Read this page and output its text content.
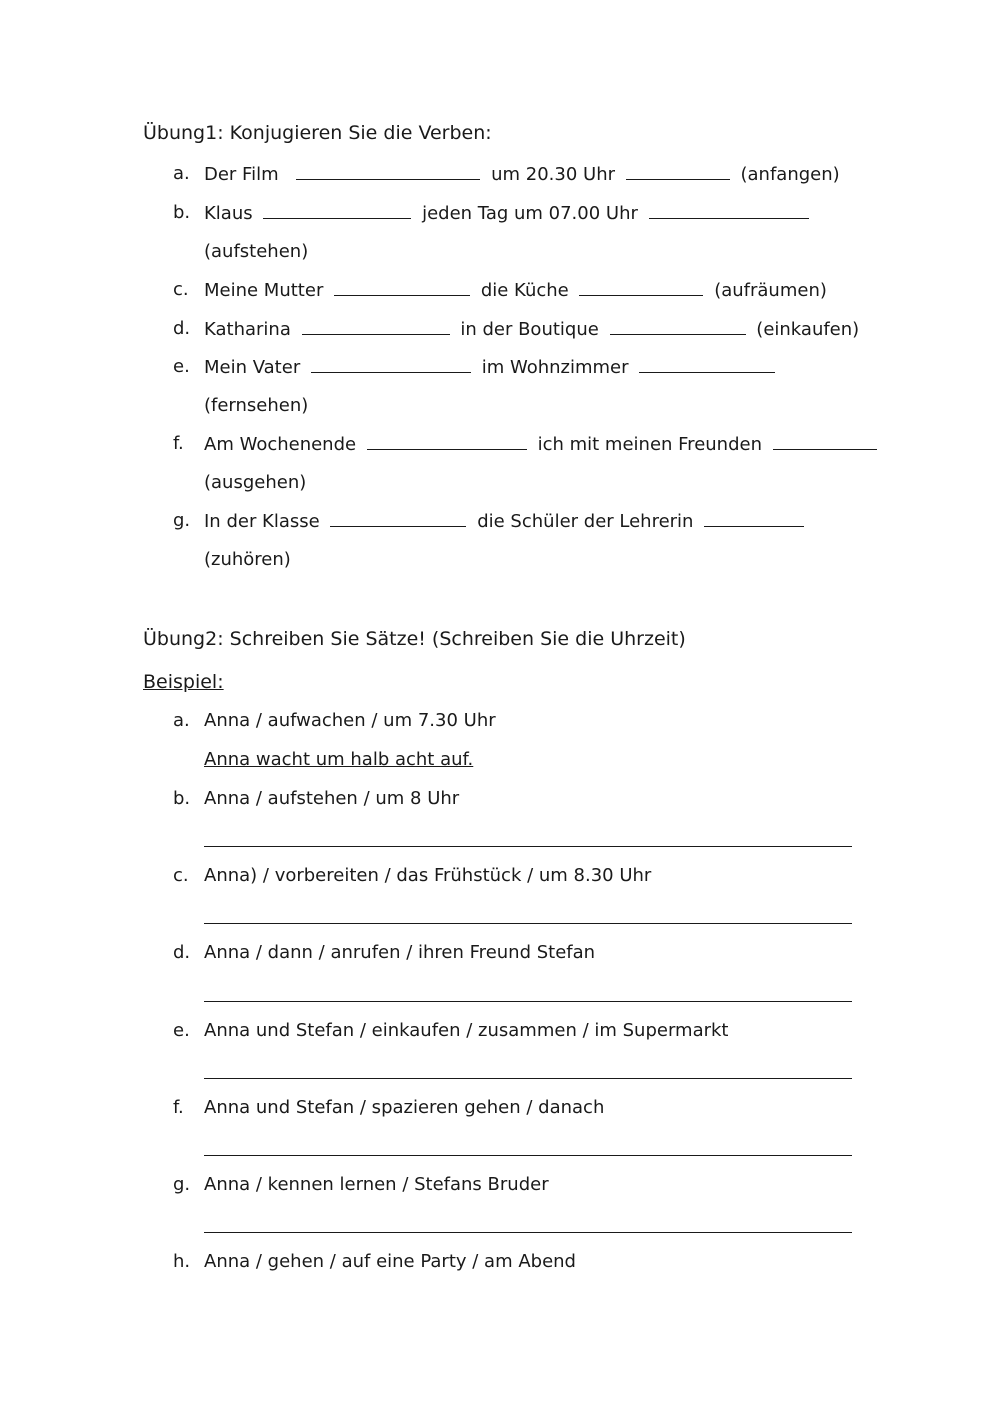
Übung1: Konjugieren Sie die Verben:
a. Der Film	um 20.30 Uhr	(anfangen)
b. Klaus	jeden Tag um 07.00 Uhr
(aufstehen)
c. Meine Mutter	die Küche	(aufräumen)
d. Katharina	in der Boutique	(einkaufen)
e. Mein Vater	im Wohnzimmer
(fernsehen)
f.	Am Wochenende	ich mit meinen Freunden
(ausgehen)
g. In der Klasse	die Schüler der Lehrerin
(zuhören)
Übung2: Schreiben Sie Sätze! (Schreiben Sie die Uhrzeit)
Beispiel:
a. Anna / aufwachen / um 7.30 Uhr
Anna wacht um halb acht auf.
b. Anna / aufstehen / um 8 Uhr
c. Anna) / vorbereiten / das Frühstück / um 8.30 Uhr
d. Anna / dann / anrufen / ihren Freund Stefan
e. Anna und Stefan / einkaufen / zusammen / im Supermarkt
f.	Anna und Stefan / spazieren gehen / danach
g. Anna / kennen lernen / Stefans Bruder
h. Anna / gehen / auf eine Party / am Abend
